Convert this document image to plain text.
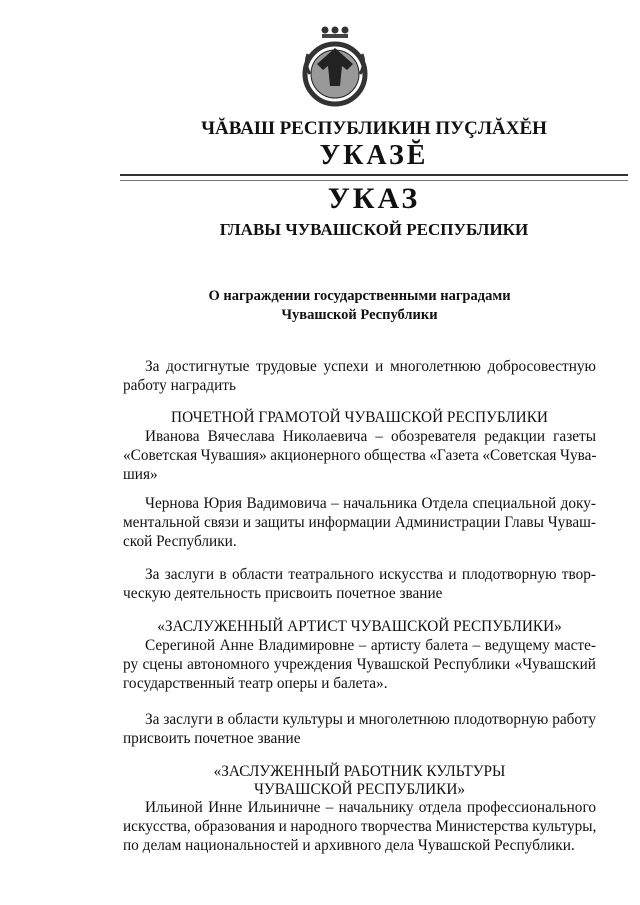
ЧĂВАШ РЕСПУБЛИКИН ПУÇЛĂХĔН
УКАЗĔ
УКАЗ
ГЛАВЫ ЧУВАШСКОЙ РЕСПУБЛИКИ
О награждении государственными наградами
Чувашской Республики
За достигнутые трудовые успехи и многолетнюю добросовестную
работу наградить
ПОЧЕТНОЙ ГРАМОТОЙ ЧУВАШСКОЙ РЕСПУБЛИКИ
Иванова Вячеслава Николаевича – обозревателя редакции газеты
«Советская Чувашия» акционерного общества «Газета «Советская Чува-
шия»
Чернова Юрия Вадимовича – начальника Отдела специальной доку-
ментальной связи и защиты информации Администрации Главы Чуваш-
ской Республики.
За заслуги в области театрального искусства и плодотворную твор-
ческую деятельность присвоить почетное звание
«ЗАСЛУЖЕННЫЙ АРТИСТ ЧУВАШСКОЙ РЕСПУБЛИКИ»
Серегиной Анне Владимировне – артисту балета – ведущему масте-
ру сцены автономного учреждения Чувашской Республики «Чувашский
государственный театр оперы и балета».
За заслуги в области культуры и многолетнюю плодотворную работу
присвоить почетное звание
«ЗАСЛУЖЕННЫЙ РАБОТНИК КУЛЬТУРЫ
ЧУВАШСКОЙ РЕСПУБЛИКИ»
Ильиной Инне Ильиничне – начальнику отдела профессионального
искусства, образования и народного творчества Министерства культуры,
по делам национальностей и архивного дела Чувашской Республики.
